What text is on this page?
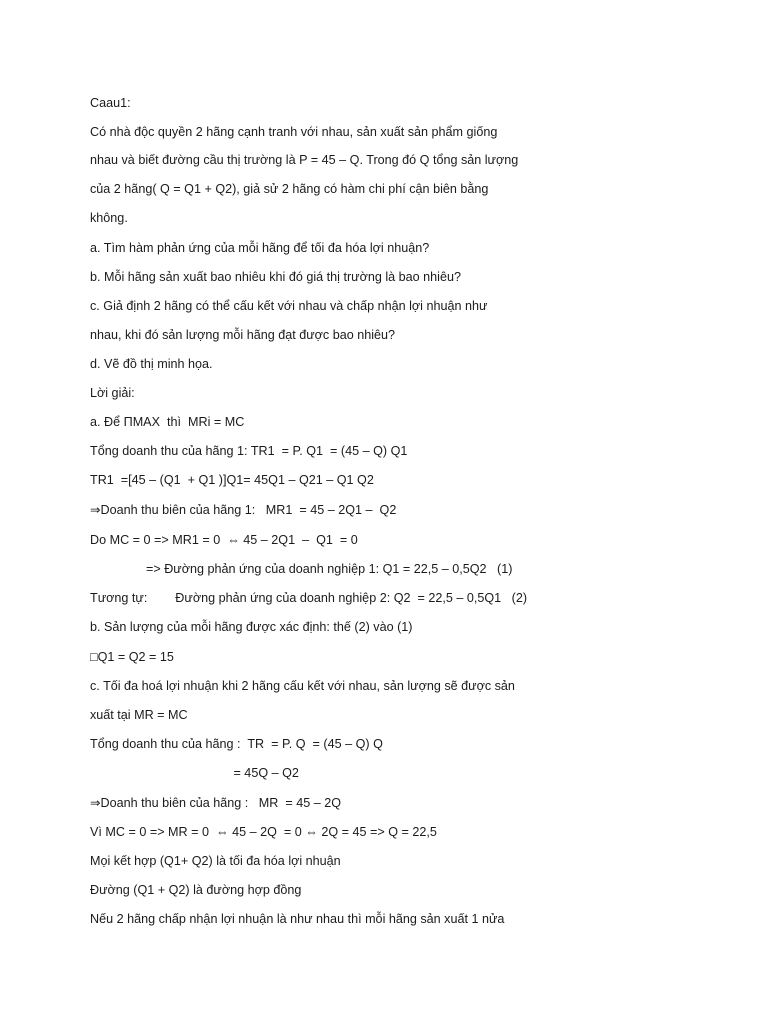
Caau1:

Có nhà độc quyền 2 hãng cạnh tranh với nhau, sản xuất sản phẩm giống

nhau và biết đường cầu thị trường là P = 45 – Q. Trong đó Q tổng sản lượng

của 2 hãng( Q = Q1 + Q2), giả sử 2 hãng có hàm chi phí cận biên bằng

không.

a. Tìm hàm phản ứng của mỗi hãng để tối đa hóa lợi nhuận?

b. Mỗi hãng sản xuất bao nhiêu khi đó giá thị trường là bao nhiêu?

c. Giả định 2 hãng có thể cấu kết với nhau và chấp nhận lợi nhuận như

nhau, khi đó sản lượng mỗi hãng đạt được bao nhiêu?

d. Vẽ đồ thị minh họa.

Lời giải:

a. Để ΠMAX  thì  MRi = MC

Tổng doanh thu của hãng 1: TR1  = P. Q1  = (45 – Q) Q1

TR1  =[45 – (Q1  + Q1 )]Q1= 45Q1 – Q21 – Q1 Q2

⇒Doanh thu biên của hãng 1:   MR1  = 45 – 2Q1 –  Q2

Do MC = 0 => MR1 = 0  ⇔ 45 – 2Q1  –  Q1  = 0

=> Đường phản ứng của doanh nghiệp 1: Q1 = 22,5 – 0,5Q2   (1)

Tương tự:        Đường phản ứng của doanh nghiệp 2: Q2  = 22,5 – 0,5Q1   (2)

b. Sản lượng của mỗi hãng được xác định: thế (2) vào (1)

□Q1 = Q2 = 15

c. Tối đa hoá lợi nhuận khi 2 hãng cấu kết với nhau, sản lượng sẽ được sản

xuất tại MR = MC

Tổng doanh thu của hãng :  TR  = P. Q  = (45 – Q) Q

= 45Q – Q2

⇒Doanh thu biên của hãng :   MR  = 45 – 2Q

Vì MC = 0 => MR = 0  ⇔ 45 – 2Q  = 0 ⇔ 2Q = 45 => Q = 22,5

Mọi kết hợp (Q1+ Q2) là tối đa hóa lợi nhuận

Đường (Q1 + Q2) là đường hợp đồng

Nếu 2 hãng chấp nhận lợi nhuận là như nhau thì mỗi hãng sản xuất 1 nửa
